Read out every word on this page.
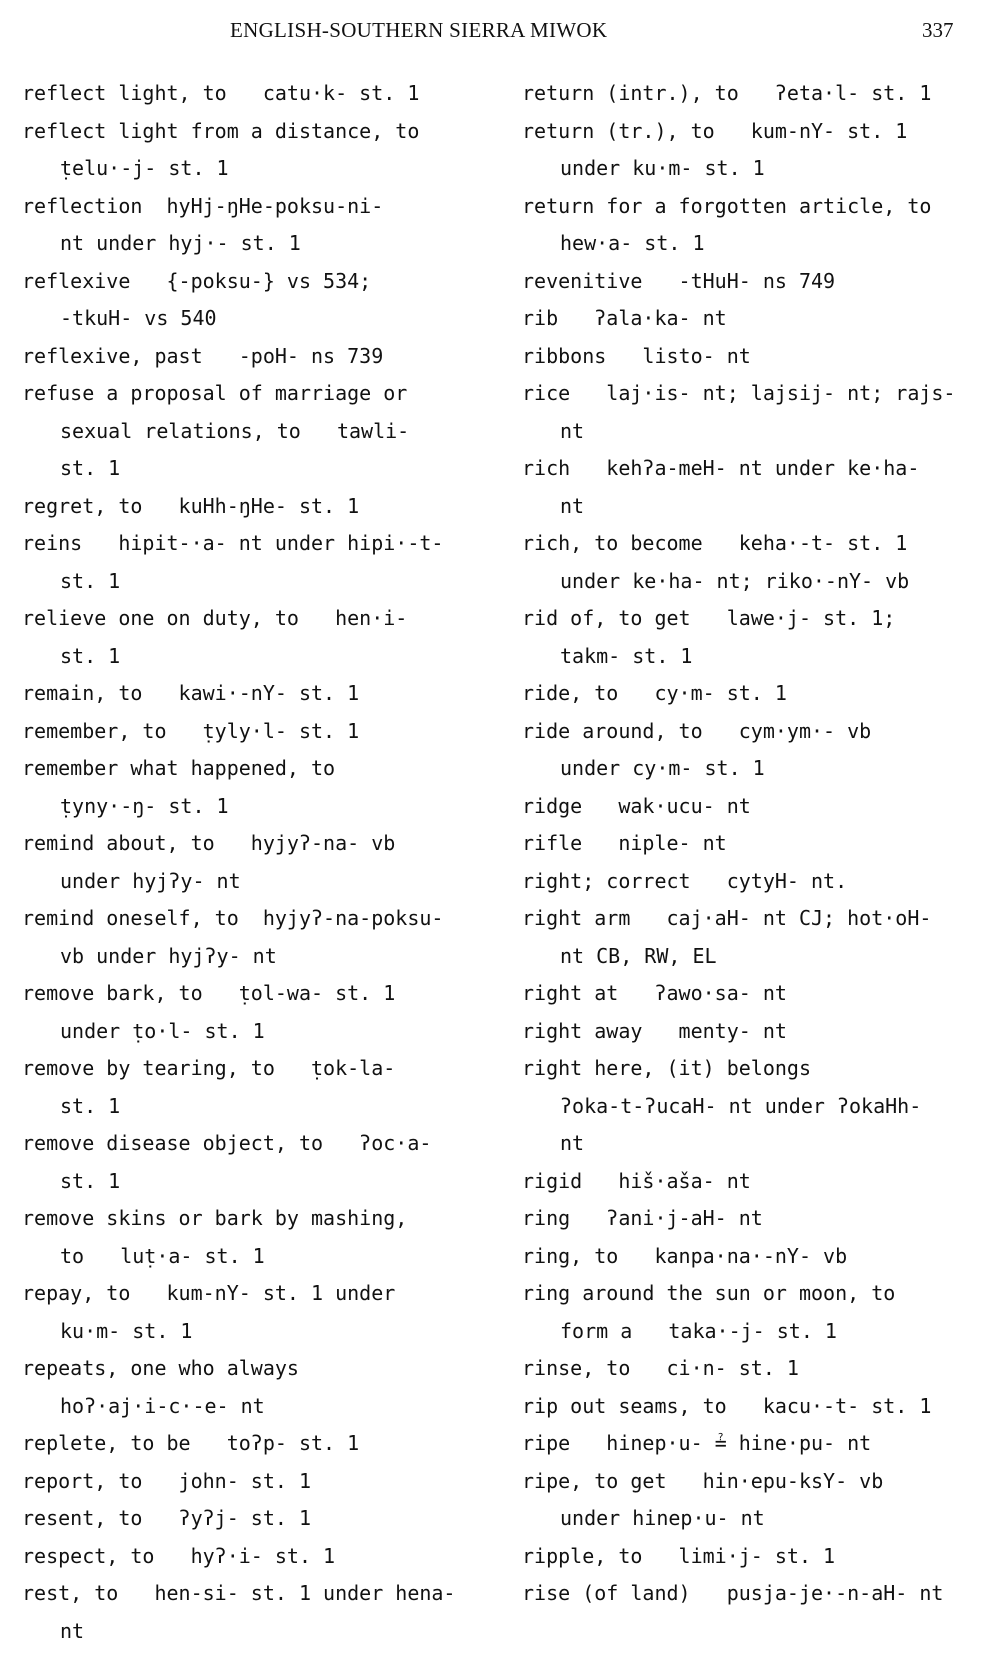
ENGLISH-SOUTHERN SIERRA MIWOK	337
reflect light, to   catu·k- st. 1
reflect light from a distance, to
ṭelu·-j- st. 1
reflection  hyHj-ŋHe-poksu-ni-
nt under hyj·- st. 1
reflexive   {-poksu-} vs 534;
-tkuH- vs 540
reflexive, past   -poH- ns 739
refuse a proposal of marriage or
sexual relations, to   tawli-
st. 1
regret, to   kuHh-ŋHe- st. 1
reins   hipit-·a- nt under hipi·-t-
st. 1
relieve one on duty, to   hen·i-
st. 1
remain, to   kawi·-nY- st. 1
remember, to   ṭyly·l- st. 1
remember what happened, to
ṭyny·-ŋ- st. 1
remind about, to   hyjyʔ-na- vb
under hyjʔy- nt
remind oneself, to  hyjyʔ-na-poksu-
vb under hyjʔy- nt
remove bark, to   ṭol-wa- st. 1
under ṭo·l- st. 1
remove by tearing, to   ṭok-la-
st. 1
remove disease object, to   ʔoc·a-
st. 1
remove skins or bark by mashing,
to   luṭ·a- st. 1
repay, to   kum-nY- st. 1 under
ku·m- st. 1
repeats, one who always
hoʔ·aj·i-c·-e- nt
replete, to be   toʔp- st. 1
report, to   john- st. 1
resent, to   ʔyʔj- st. 1
respect, to   hyʔ·i- st. 1
rest, to   hen-si- st. 1 under hena-
nt
return (intr.), to   ʔeta·l- st. 1
return (tr.), to   kum-nY- st. 1
under ku·m- st. 1
return for a forgotten article, to
hew·a- st. 1
revenitive   -tHuH- ns 749
rib   ʔala·ka- nt
ribbons   listo- nt
rice   laj·is- nt; lajsij- nt; rajs-
nt
rich   kehʔa-meH- nt under ke·ha-
nt
rich, to become   keha·-t- st. 1
under ke·ha- nt; riko·-nY- vb
rid of, to get   lawe·j- st. 1;
takm- st. 1
ride, to   cy·m- st. 1
ride around, to   cym·ym·- vb
under cy·m- st. 1
ridge   wak·ucu- nt
rifle   niple- nt
right; correct   cytyH- nt.
right arm   caj·aH- nt CJ; hot·oH-
nt CB, RW, EL
right at   ʔawo·sa- nt
right away   menty- nt
right here, (it) belongs
ʔoka-t-ʔucaH- nt under ʔokaHh-
nt
rigid   hiš·aša- nt
ring   ʔani·j-aH- nt
ring, to   kanpa·na·-nY- vb
ring around the sun or moon, to
form a   taka·-j- st. 1
rinse, to   ci·n- st. 1
rip out seams, to   kacu·-t- st. 1
ripe   hinep·u- ≟ hine·pu- nt
ripe, to get   hin·epu-ksY- vb
under hinep·u- nt
ripple, to   limi·j- st. 1
rise (of land)   pusja-je·-n-aH- nt
